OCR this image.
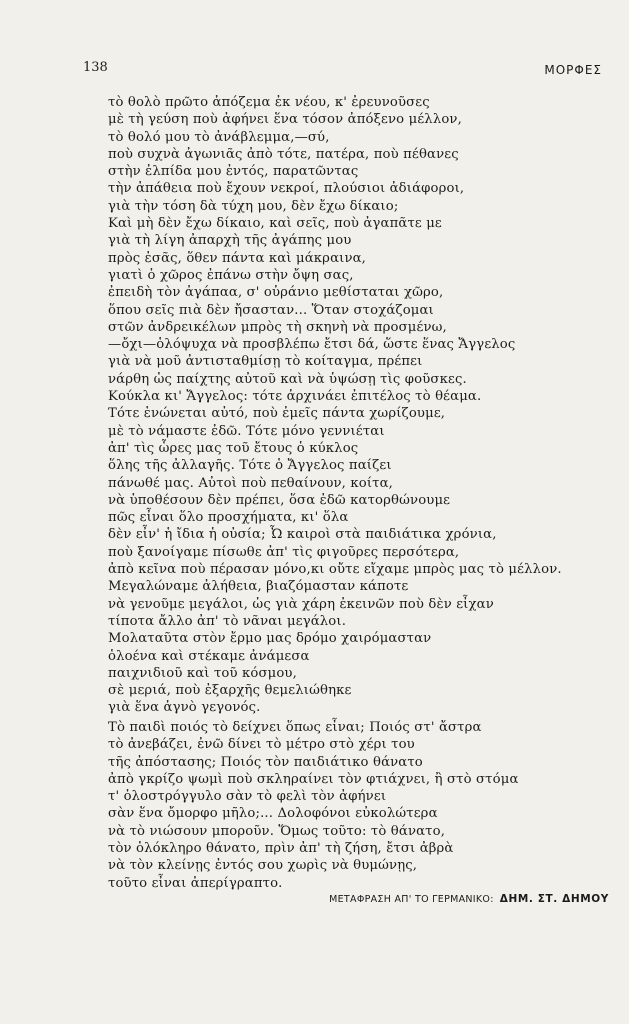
138	ΜΟΡΦΕΣ
τὸ θολὸ πρῶτο ἀπόζεμα ἐκ νέου, κ' ἐρευνοῦσες
μὲ τὴ γεύση ποὺ ἀφήνει ἕνα τόσον ἀπόξενο μέλλον,
τὸ θολό μου τὸ ἀνάβλεμμα,—σύ,
ποὺ συχνὰ ἀγωνιᾶς ἀπὸ τότε, πατέρα, ποὺ πέθανες
στὴν ἐλπίδα μου ἐντός, παρατῶντας
τὴν ἀπάθεια ποὺ ἔχουν νεκροί, πλούσιοι ἀδιάφοροι,
γιὰ τὴν τόση δὰ τύχη μου, δὲν ἔχω δίκαιο;
Καὶ μὴ δὲν ἔχω δίκαιο, καὶ σεῖς, ποὺ ἀγαπᾶτε με
γιὰ τὴ λίγη ἀπαρχὴ τῆς ἀγάπης μου
πρὸς ἐσᾶς, ὅθεν πάντα καὶ μάκραινα,
γιατὶ ὁ χῶρος ἐπάνω στὴν ὄψη σας,
ἐπειδὴ τὸν ἀγάπαα, σ' οὐράνιο μεθίσταται χῶρο,
ὅπου σεῖς πιὰ δὲν ἤσασταν... Ὅταν στοχάζομαι
στῶν ἀνδρεικέλων μπρὸς τὴ σκηνὴ νὰ προσμένω,
—ὄχι—ὁλόψυχα νὰ προσβλέπω ἔτσι δά, ὥστε ἕνας Ἄγγελος
γιὰ νὰ μοῦ ἀντισταθμίσῃ τὸ κοίταγμα, πρέπει
νάρθη ὡς παίχτης αὐτοῦ καὶ νὰ ὑψώσῃ τὶς φοῦσκες.
Κούκλα κι' Ἄγγελος: τότε ἀρχινάει ἐπιτέλος τὸ θέαμα.
Τότε ἑνώνεται αὐτό, ποὺ ἐμεῖς πάντα χωρίζουμε,
μὲ τὸ νάμαστε ἐδῶ. Τότε μόνο γεννιέται
ἀπ' τὶς ὧρες μας τοῦ ἔτους ὁ κύκλος
ὅλης τῆς ἀλλαγῆς. Τότε ὁ Ἄγγελος παίζει
πάνωθέ μας. Αὐτοὶ ποὺ πεθαίνουν, κοίτα,
νὰ ὑποθέσουν δὲν πρέπει, ὅσα ἐδῶ κατορθώνουμε
πῶς εἶναι ὅλο προσχήματα, κι' ὅλα
δὲν εἶν' ἡ ἴδια ἡ οὐσία; Ὦ καιροὶ στὰ παιδιάτικα χρόνια,
ποὺ ξανοίγαμε πίσωθε ἀπ' τὶς φιγοῦρες περσότερα,
ἀπὸ κεῖνα ποὺ πέρασαν μόνο,κι οὔτε εἴχαμε μπρὸς μας τὸ μέλλον.
Μεγαλώναμε ἀλήθεια, βιαζόμασταν κάποτε
νὰ γενοῦμε μεγάλοι, ὡς γιὰ χάρη ἐκεινῶν ποὺ δὲν εἶχαν
τίποτα ἄλλο ἀπ' τὸ νᾶναι μεγάλοι.
Μολαταῦτα στὸν ἔρμο μας δρόμο χαιρόμασταν
ὁλοένα καὶ στέκαμε ἀνάμεσα
παιχνιδιοῦ καὶ τοῦ κόσμου,
σὲ μεριά, ποὺ ἐξαρχῆς θεμελιώθηκε
γιὰ ἕνα ἁγνὸ γεγονός.
Τὸ παιδὶ ποιός τὸ δείχνει ὅπως εἶναι; Ποιός στ' ἄστρα
τὸ ἀνεβάζει, ἐνῶ δίνει τὸ μέτρο στὸ χέρι του
τῆς ἀπόστασης; Ποιός τὸν παιδιάτικο θάνατο
ἀπὸ γκρίζο ψωμὶ ποὺ σκληραίνει τὸν φτιάχνει, ἢ στὸ στόμα
τ' ὁλοστρόγγυλο σὰν τὸ φελὶ τὸν ἀφήνει
σὰν ἕνα ὄμορφο μῆλο;... Δολοφόνοι εὐκολώτερα
νὰ τὸ νιώσουν μποροῦν. Ὅμως τοῦτο: τὸ θάνατο,
τὸν ὁλόκληρο θάνατο, πρὶν ἀπ' τὴ ζήση, ἔτσι ἀβρὰ
νὰ τὸν κλείνῃς ἐντός σου χωρὶς νὰ θυμώνῃς,
τοῦτο εἶναι ἀπερίγραπτο.
ΜΕΤΑΦΡΑΣΗ ΑΠ' ΤΟ ΓΕΡΜΑΝΙΚΟ: ΔΗΜ. ΣΤ. ΔΗΜΟΥ
